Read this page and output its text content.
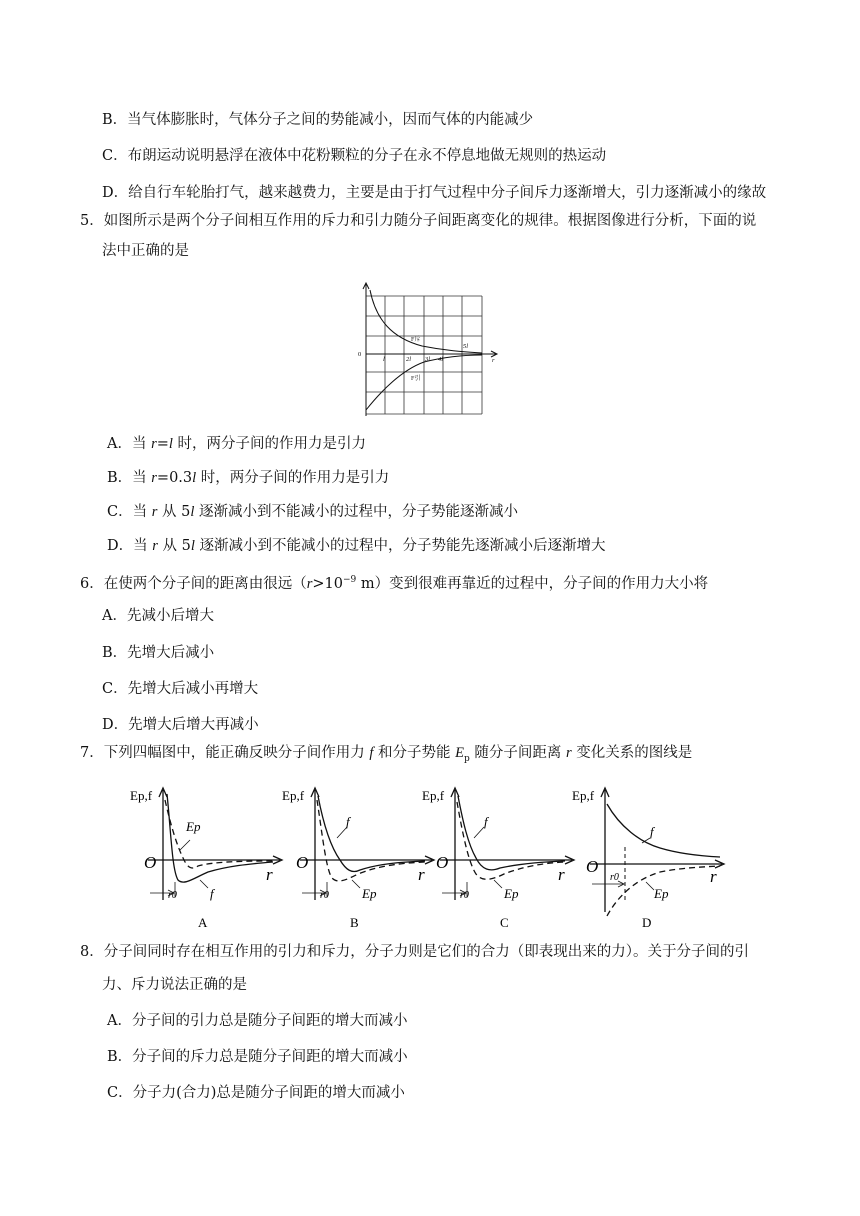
B．当气体膨胀时，气体分子之间的势能减小，因而气体的内能减少
C．布朗运动说明悬浮在液体中花粉颗粒的分子在永不停息地做无规则的热运动
D．给自行车轮胎打气，越来越费力，主要是由于打气过程中分子间斥力逐渐增大，引力逐渐减小的缘故
5．如图所示是两个分子间相互作用的斥力和引力随分子间距离变化的规律。根据图像进行分析，下面的说
法中正确的是
0
l	2l 3l 4l
5l
r
F斥
F引
A．当 r=l 时，两分子间的作用力是引力
B．当 r=0.3l 时，两分子间的作用力是引力
C．当 r 从 5l 逐渐减小到不能减小的过程中，分子势能逐渐减小
D．当 r 从 5l 逐渐减小到不能减小的过程中，分子势能先逐渐减小后逐渐增大
6．在使两个分子间的距离由很远（$r>10^{-9}$ m）变到很难再靠近的过程中，分子间的作用力大小将
A．先减小后增大
B．先增大后减小
C．先增大后减小再增大
D．先增大后增大再减小
7．下列四幅图中，能正确反映分子间作用力 f 和分子势能 $E_p$ 随分子间距离 r 变化关系的图线是
Ep,f
Ep
f
O
r
r0
A
Ep,f
f
Ep
O
r
r0
B
Ep,f
f
Ep
O
r
r0
C
Ep,f
f
Ep
O
r
r0
D
8．分子间同时存在相互作用的引力和斥力，分子力则是它们的合力（即表现出来的力）。关于分子间的引
力、斥力说法正确的是
A．分子间的引力总是随分子间距的增大而减小
B．分子间的斥力总是随分子间距的增大而减小
C．分子力(合力)总是随分子间距的增大而减小
